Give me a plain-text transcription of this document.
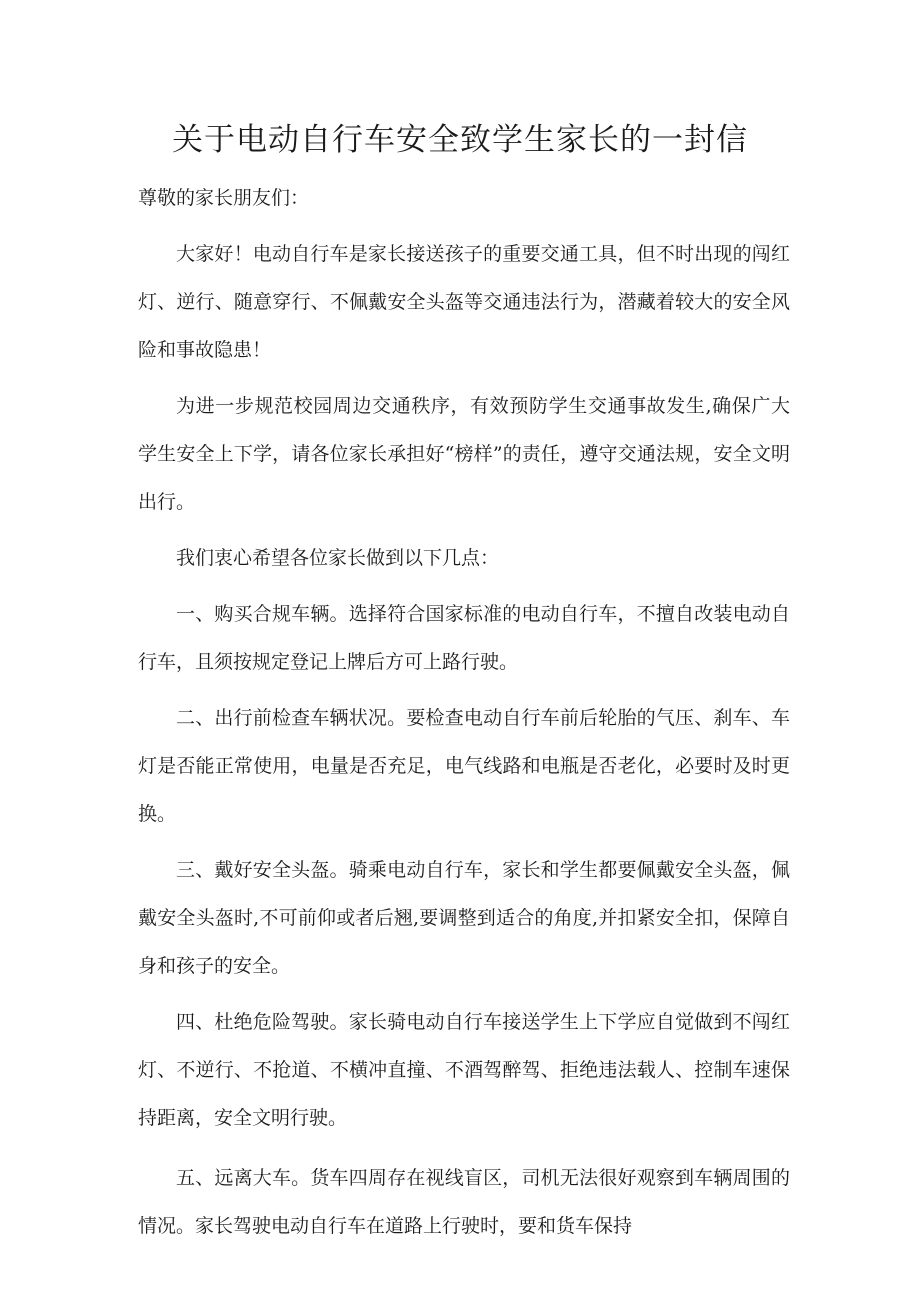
关于电动自行车安全致学生家长的一封信

尊敬的家长朋友们：

大家好！电动自行车是家长接送孩子的重要交通工具，但不时出现的闯红灯、逆行、随意穿行、不佩戴安全头盔等交通违法行为，潜藏着较大的安全风险和事故隐患！

为进一步规范校园周边交通秩序，有效预防学生交通事故发生,确保广大学生安全上下学，请各位家长承担好“榜样”的责任，遵守交通法规，安全文明出行。

我们衷心希望各位家长做到以下几点：

一、购买合规车辆。选择符合国家标准的电动自行车，不擅自改装电动自行车，且须按规定登记上牌后方可上路行驶。

二、出行前检查车辆状况。要检查电动自行车前后轮胎的气压、刹车、车灯是否能正常使用，电量是否充足，电气线路和电瓶是否老化，必要时及时更换。

三、戴好安全头盔。骑乘电动自行车，家长和学生都要佩戴安全头盔，佩戴安全头盔时,不可前仰或者后翘,要调整到适合的角度,并扣紧安全扣，保障自身和孩子的安全。

四、杜绝危险驾驶。家长骑电动自行车接送学生上下学应自觉做到不闯红灯、不逆行、不抢道、不横冲直撞、不酒驾醉驾、拒绝违法载人、控制车速保持距离，安全文明行驶。

五、远离大车。货车四周存在视线盲区，司机无法很好观察到车辆周围的情况。家长驾驶电动自行车在道路上行驶时，要和货车保持
